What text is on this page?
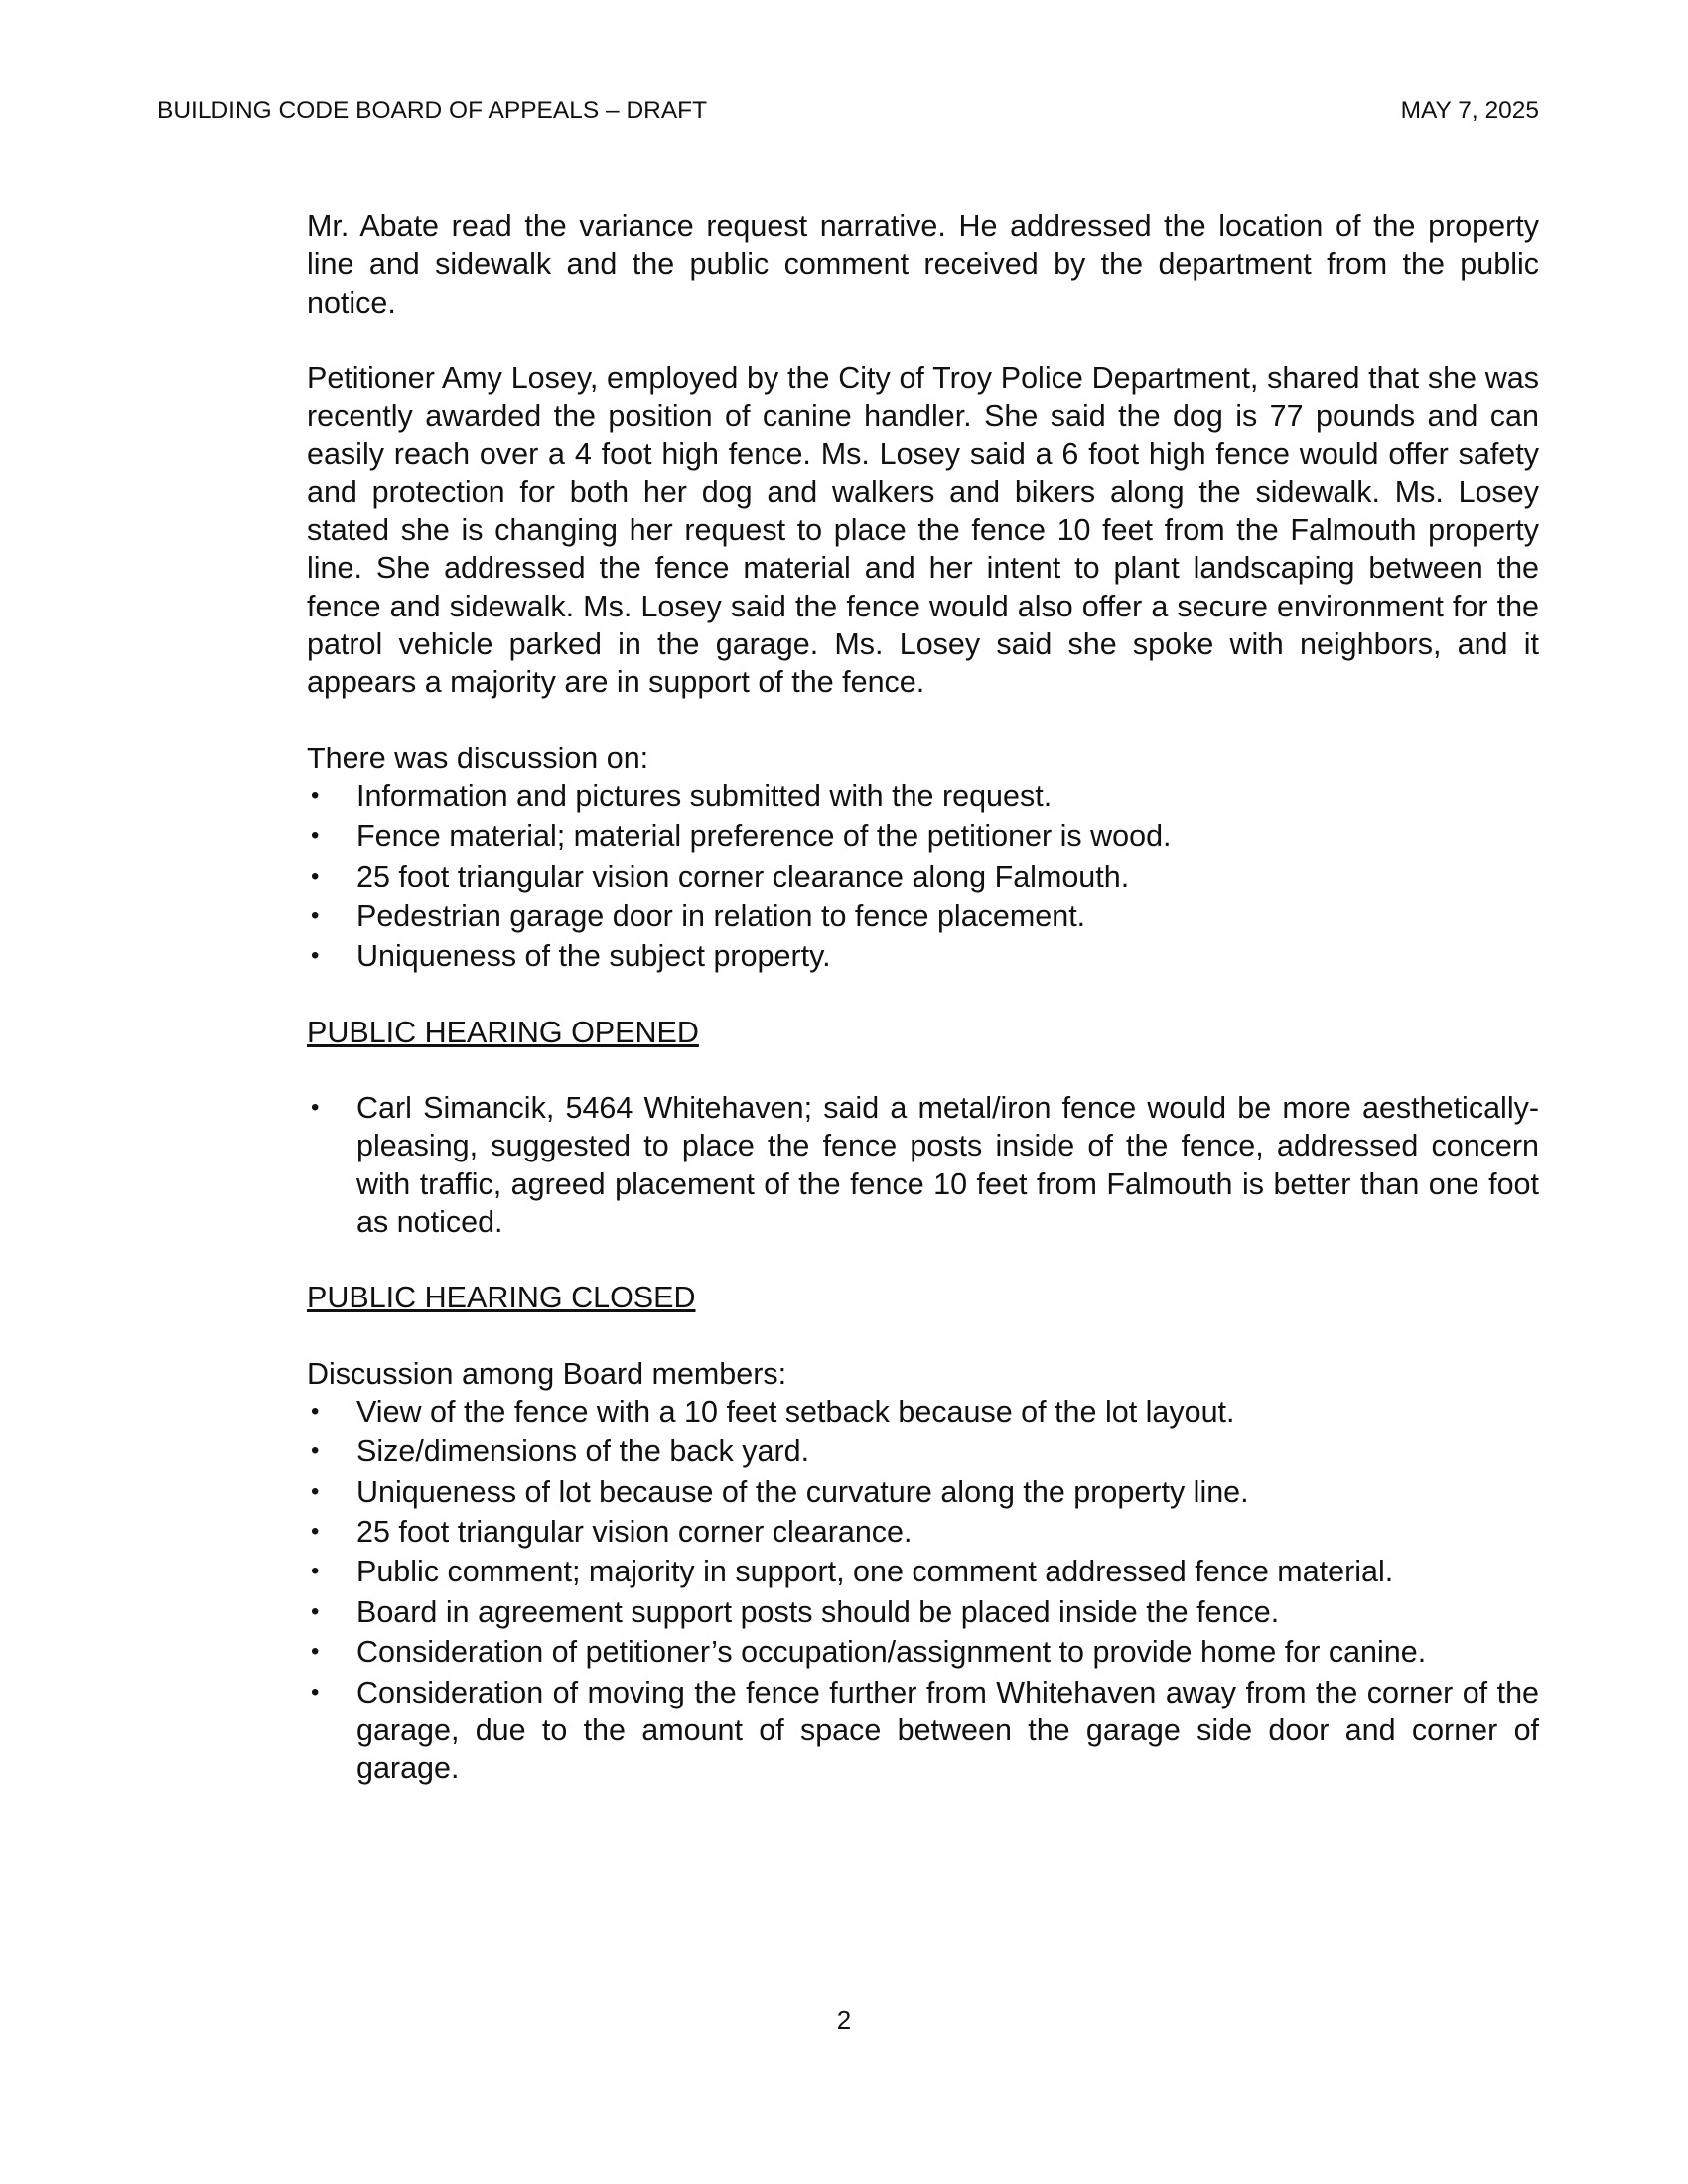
BUILDING CODE BOARD OF APPEALS – DRAFT	MAY 7, 2025

Mr. Abate read the variance request narrative. He addressed the location of the property line and sidewalk and the public comment received by the department from the public notice.

Petitioner Amy Losey, employed by the City of Troy Police Department, shared that she was recently awarded the position of canine handler. She said the dog is 77 pounds and can easily reach over a 4 foot high fence. Ms. Losey said a 6 foot high fence would offer safety and protection for both her dog and walkers and bikers along the sidewalk. Ms. Losey stated she is changing her request to place the fence 10 feet from the Falmouth property line. She addressed the fence material and her intent to plant landscaping between the fence and sidewalk. Ms. Losey said the fence would also offer a secure environment for the patrol vehicle parked in the garage. Ms. Losey said she spoke with neighbors, and it appears a majority are in support of the fence.

There was discussion on:

• Information and pictures submitted with the request.
• Fence material; material preference of the petitioner is wood.
• 25 foot triangular vision corner clearance along Falmouth.
• Pedestrian garage door in relation to fence placement.
• Uniqueness of the subject property.

PUBLIC HEARING OPENED

• Carl Simancik, 5464 Whitehaven; said a metal/iron fence would be more aesthetically-pleasing, suggested to place the fence posts inside of the fence, addressed concern with traffic, agreed placement of the fence 10 feet from Falmouth is better than one foot as noticed.

PUBLIC HEARING CLOSED

Discussion among Board members:

• View of the fence with a 10 feet setback because of the lot layout.
• Size/dimensions of the back yard.
• Uniqueness of lot because of the curvature along the property line.
• 25 foot triangular vision corner clearance.
• Public comment; majority in support, one comment addressed fence material.
• Board in agreement support posts should be placed inside the fence.
• Consideration of petitioner’s occupation/assignment to provide home for canine.
• Consideration of moving the fence further from Whitehaven away from the corner of the garage, due to the amount of space between the garage side door and corner of garage.
2
